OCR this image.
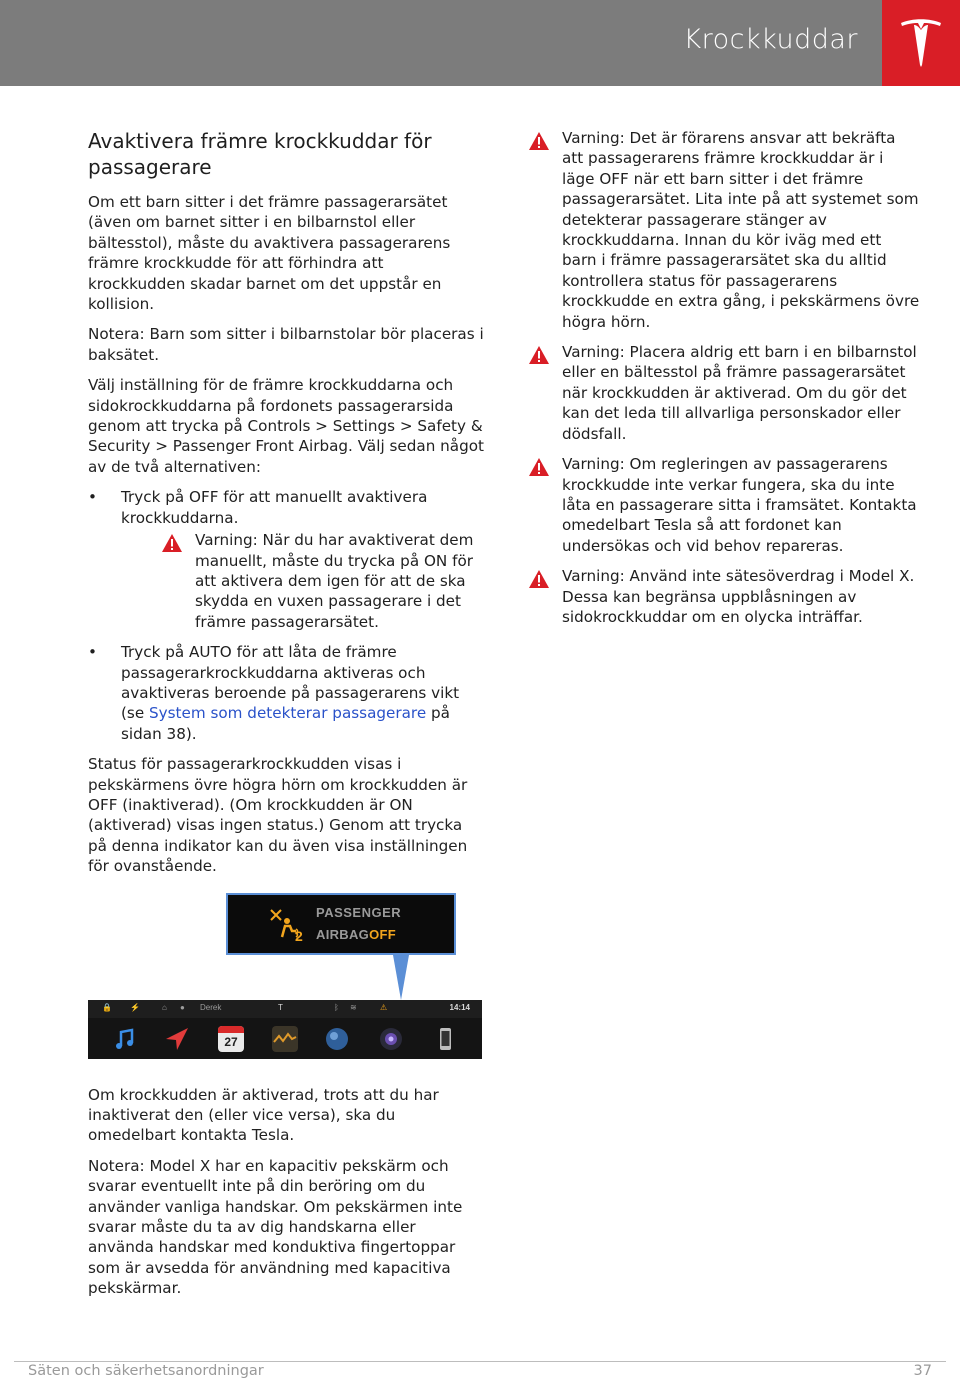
Krockkuddar
Avaktivera främre krockkuddar för passagerare

Om ett barn sitter i det främre passagerarsätet (även om barnet sitter i en bilbarnstol eller bältesstol), måste du avaktivera passagerarens främre krockkudde för att förhindra att krockkudden skadar barnet om det uppstår en kollision.

Notera: Barn som sitter i bilbarnstolar bör placeras i baksätet.

Välj inställning för de främre krockkuddarna och sidokrockkuddarna på fordonets passagerarsida genom att trycka på Controls > Settings > Safety & Security > Passenger Front Airbag. Välj sedan något av de två alternativen:

• Tryck på OFF för att manuellt avaktivera krockkuddarna.
Varning: När du har avaktiverat dem manuellt, måste du trycka på ON för att aktivera dem igen för att de ska skydda en vuxen passagerare i det främre passagerarsätet.
• Tryck på AUTO för att låta de främre passagerarkrockkuddarna aktiveras och avaktiveras beroende på passagerarens vikt (se System som detekterar passagerare på sidan 38).

Status för passagerarkrockkudden visas i pekskärmens övre högra hörn om krockkudden är OFF (inaktiverad). (Om krockkudden är ON (aktiverad) visas ingen status.) Genom att trycka på denna indikator kan du även visa inställningen för ovanstående.

2
PASSENGER
AIRBAGOFF
🔒 ⚡	⌂ ● Derek	T	ᛒ ≋	⚠	14:14
27

Om krockkudden är aktiverad, trots att du har inaktiverat den (eller vice versa), ska du omedelbart kontakta Tesla.

Notera: Model X har en kapacitiv pekskärm och svarar eventuellt inte på din beröring om du använder vanliga handskar. Om pekskärmen inte svarar måste du ta av dig handskarna eller använda handskar med konduktiva fingertoppar som är avsedda för användning med kapacitiva pekskärmar.

Varning: Det är förarens ansvar att bekräfta att passagerarens främre krockkuddar är i läge OFF när ett barn sitter i det främre passagerarsätet. Lita inte på att systemet som detekterar passagerare stänger av krockkuddarna. Innan du kör iväg med ett barn i främre passagerarsätet ska du alltid kontrollera status för passagerarens krockkudde en extra gång, i pekskärmens övre högra hörn.
Varning: Placera aldrig ett barn i en bilbarnstol eller en bältesstol på främre passagerarsätet när krockkudden är aktiverad. Om du gör det kan det leda till allvarliga personskador eller dödsfall.
Varning: Om regleringen av passagerarens krockkudde inte verkar fungera, ska du inte låta en passagerare sitta i framsätet. Kontakta omedelbart Tesla så att fordonet kan undersökas och vid behov repareras.
Varning: Använd inte sätesöverdrag i Model X. Dessa kan begränsa uppblåsningen av sidokrockkuddar om en olycka inträffar.
Säten och säkerhetsanordningar	37
